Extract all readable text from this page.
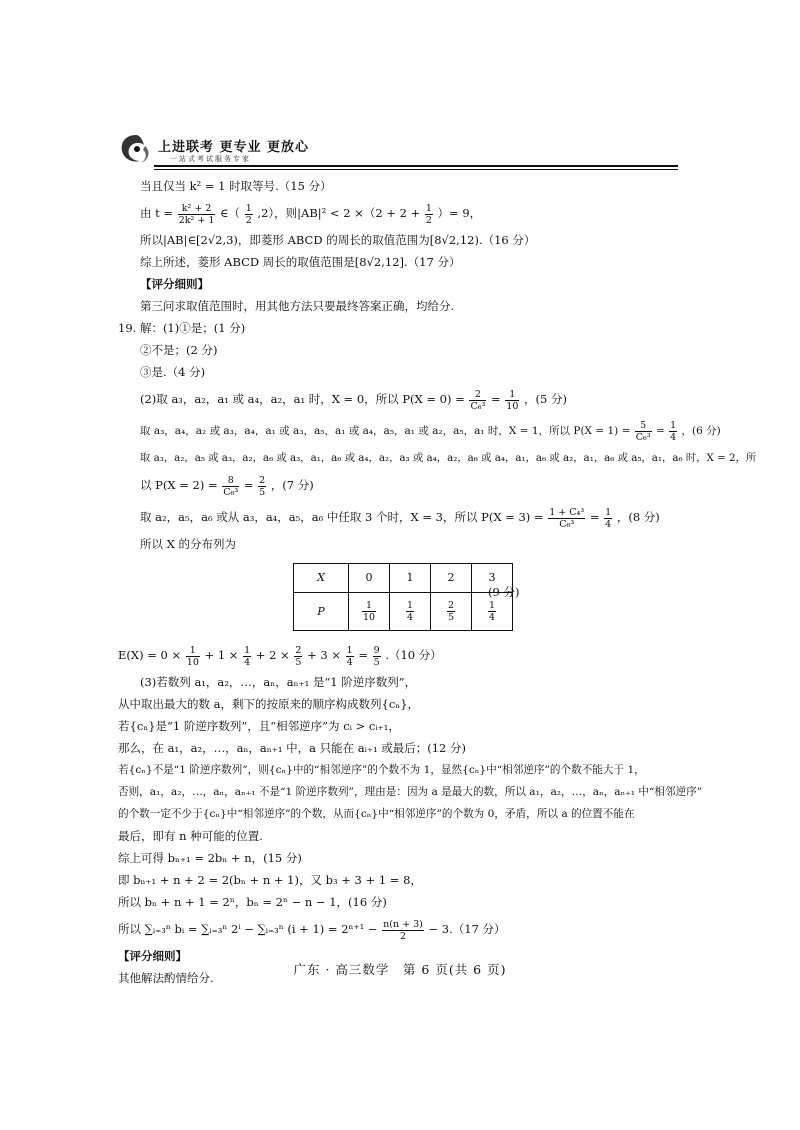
上进联考 更专业 更放心
一站式考试服务专家

当且仅当 k² = 1 时取等号.（15 分）

由 $t = \frac{\text{k² + 2}}{\text{2k² + 1}}$ ∈（ $\frac{1}{2} ,2$），则$|AB|^2 < 2 \times(2 + 2 + \frac{1}{2}$ ）= 9，

所以|AB|∈[2√2,3)，即菱形 ABCD 的周长的取值范围为[8√2,12).（16 分）

综上所述，菱形 ABCD 周长的取值范围是[8√2,12].（17 分）

【评分细则】

第三问求取值范围时，用其他方法只要最终答案正确，均给分.

19. 解：(1)①是；(1 分)

②不是；(2 分)

③是.（4 分)

(2)取 a₃，a₂，a₁ 或 a₄，a₂，a₁ 时，X = 0，所以 $P(X = 0) = \frac{2}{\text{C₆³}} = \frac{1}{10}$ ，(5 分)

取 a₃，a₄，a₂ 或 a₃，a₄，a₁ 或 a₃，a₅，a₁ 或 a₄，a₅，a₁ 或 a₂，a₅，a₁ 时，X = 1，所以 $P(X = 1) = \frac{5}{\text{C₆³}} = \frac{1}{4}$ ，(6 分)

取 a₃，a₂，a₅ 或 a₃，a₂，a₆ 或 a₃，a₁，a₆ 或 a₄，a₂，a₃ 或 a₄，a₂，a₆ 或 a₄，a₁，a₆ 或 a₂，a₁，a₆ 或 a₅，a₁，a₆ 时，X = 2，所

以 $P(X = 2) = \frac{8}{\text{C₆³}} = \frac{2}{5}$ ，(7 分)

取 a₂，a₅，a₆ 或从 a₃，a₄，a₅，a₆ 中任取 3 个时，X = 3，所以 $P(X = 3) = \frac{\text{1 + C₄³}}{\text{C₆³}} = \frac{1}{4}$ ，(8 分)

所以 X 的分布列为

X	0	1	2	3
P	$\frac{1}{10}$	$\frac{1}{4}$	$\frac{2}{5}$	$\frac{1}{4}$
(9 分)

$E(X) = 0 \times \frac{1}{10} + 1 \times \frac{1}{4} + 2 \times \frac{2}{5} + 3 \times \frac{1}{4} = \frac{9}{5} .(10$ 分）

(3)若数列 a₁，a₂，…，aₙ，aₙ₊₁ 是“1 阶逆序数列”，

从中取出最大的数 a，剩下的按原来的顺序构成数列{cₙ}，

若{cₙ}是“1 阶逆序数列”，且“相邻逆序”为 cᵢ > cᵢ₊₁，

那么，在 a₁，a₂，…，aₙ，aₙ₊₁ 中，a 只能在 aᵢ₊₁ 或最后；(12 分)

若{cₙ}不是“1 阶逆序数列”，则{cₙ}中的“相邻逆序”的个数不为 1，显然{cₙ}中“相邻逆序”的个数不能大于 1，

否则，a₁，a₂，…，aₙ，aₙ₊₁ 不是“1 阶逆序数列”，理由是：因为 a 是最大的数，所以 a₁，a₂，…，aₙ，aₙ₊₁ 中“相邻逆序”

的个数一定不少于{cₙ}中“相邻逆序”的个数，从而{cₙ}中“相邻逆序”的个数为 0，矛盾，所以 a 的位置不能在

最后，即有 n 种可能的位置.

综上可得 bₙ₊₁ = 2bₙ + n，(15 分)

即 bₙ₊₁ + n + 2 = 2(bₙ + n + 1)，又 b₃ + 3 + 1 = 8，

所以 bₙ + n + 1 = 2ⁿ，bₙ = 2ⁿ − n − 1，(16 分)

所以 ∑ᵢ₌₃ⁿ bᵢ = ∑ᵢ₌₃ⁿ 2ⁱ − ∑ᵢ₌₃ⁿ $(i + 1) = 2^{n+1} - \frac{n(n + 3)}{2} - 3.(17$ 分）

【评分细则】

其他解法酌情给分.

广东 · 高三数学　第 6 页(共 6 页)
